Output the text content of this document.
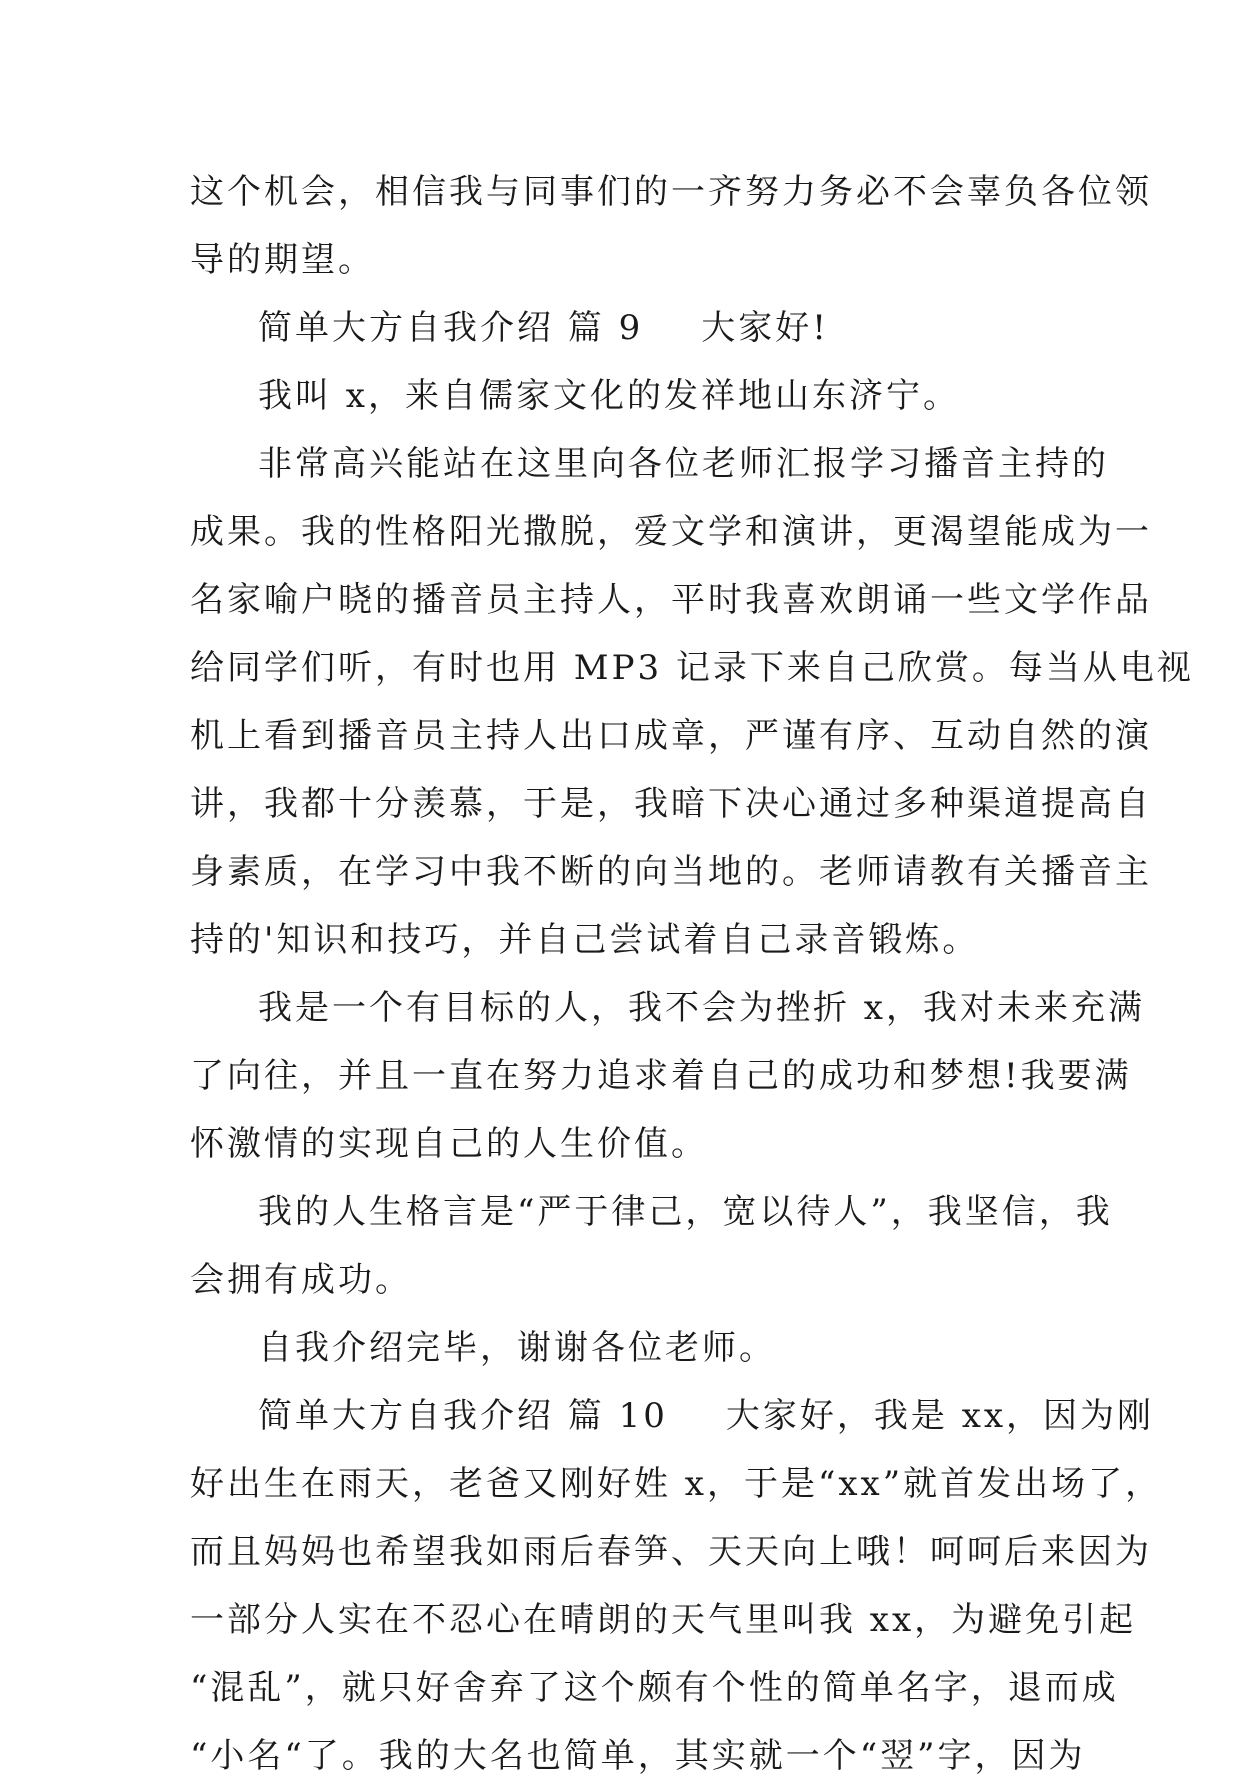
这个机会，相信我与同事们的一齐努力务必不会辜负各位领
导的期望。
简单大方自我介绍 篇 9 大家好!
我叫 x，来自儒家文化的发祥地山东济宁。
非常高兴能站在这里向各位老师汇报学习播音主持的
成果。我的性格阳光撒脱，爱文学和演讲，更渴望能成为一
名家喻户晓的播音员主持人，平时我喜欢朗诵一些文学作品
给同学们听，有时也用 MP3 记录下来自己欣赏。每当从电视
机上看到播音员主持人出口成章，严谨有序、互动自然的演
讲，我都十分羡慕，于是，我暗下决心通过多种渠道提高自
身素质，在学习中我不断的向当地的。老师请教有关播音主
持的'知识和技巧，并自己尝试着自己录音锻炼。
我是一个有目标的人，我不会为挫折 x，我对未来充满
了向往，并且一直在努力追求着自己的成功和梦想!我要满
怀激情的实现自己的人生价值。
我的人生格言是“严于律己，宽以待人”，我坚信，我
会拥有成功。
自我介绍完毕，谢谢各位老师。
简单大方自我介绍 篇 10 大家好，我是 xx，因为刚
好出生在雨天，老爸又刚好姓 x，于是“xx”就首发出场了，
而且妈妈也希望我如雨后春笋、天天向上哦！呵呵后来因为
一部分人实在不忍心在晴朗的天气里叫我 xx，为避免引起
“混乱”，就只好舍弃了这个颇有个性的简单名字，退而成
“小名“了。我的大名也简单，其实就一个“翌”字，因为
